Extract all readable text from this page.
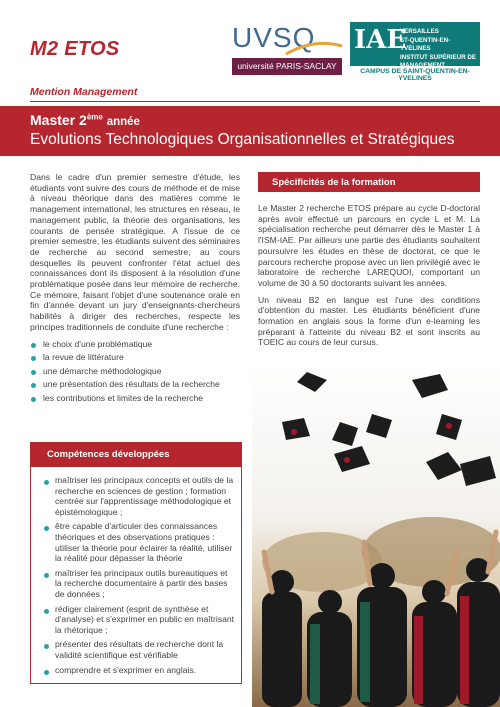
M2 ETOS	UVSQ
université PARIS-SACLAY
IAE
VERSAILLES
ST-QUENTIN-EN-YVELINES
INSTITUT SUPÉRIEUR DE MANAGEMENT
CAMPUS DE SAINT-QUENTIN-EN-YVELINES
Mention Management
Master 2ème année
Evolutions Technologiques Organisationnelles et Stratégiques
Dans le cadre d'un premier semestre d'étude, les étudiants vont suivre des cours de méthode et de mise à niveau théorique dans des matières comme le management international, les structures en réseau, le management public, la théorie des organisations, les courants de pensée stratégique. A l'issue de ce premier semestre, les étudiants suivent des séminaires de recherche au second semestre, au cours desquelles ils peuvent confronter l'état actuel des connaissances dont ils disposent à la résolution d'une problématique posée dans leur mémoire de recherche. Ce mémoire, faisant l'objet d'une soutenance orale en fin d'année devant un jury d'enseignants-chercheurs habilités à diriger des recherches, respecte les principes traditionnels de conduite d'une recherche :
le choix d'une problématique
la revue de littérature
une démarche méthodologique
une présentation des résultats de la recherche
les contributions et limites de la recherche
Compétences développées
maîtriser les principaux concepts et outils de la recherche en sciences de gestion ; formation centrée sur l'apprentissage méthodologique et épistémologique ;
être capable d'articuler des connaissances théoriques et des observations pratiques : utiliser la théorie pour éclairer la réalité, utiliser la réalité pour dépasser la théorie
maîtriser les principaux outils bureautiques et la recherche documentaire à partir des bases de données ;
rédiger clairement (esprit de synthèse et d'analyse) et s'exprimer en public en maîtrisant la rhétorique ;
présenter des résultats de recherche dont la validité scientifique est vérifiable
comprendre et s'exprimer en anglais.
Spécificités de la formation

Le Master 2 recherche ETOS prépare au cycle D-doctoral après avoir effectué un parcours en cycle L et M. La spécialisation recherche peut démarrer dès le Master 1 à l'ISM-IAE. Par ailleurs une partie des étudiants souhaitent poursuivre les études en thèse de doctorat, ce que le parcours recherche propose avec un lien privilégié avec le laboratoire de recherche LAREQUOI, comportant un volume de 30 à 50 doctorants suivant les années.

Un niveau B2 en langue est l'une des conditions d'obtention du master. Les étudiants bénéficient d'une formation en anglais sous la forme d'un e-learning les préparant à l'atteinte du niveau B2 et sont inscrits au TOEIC au cours de leur cursus.
